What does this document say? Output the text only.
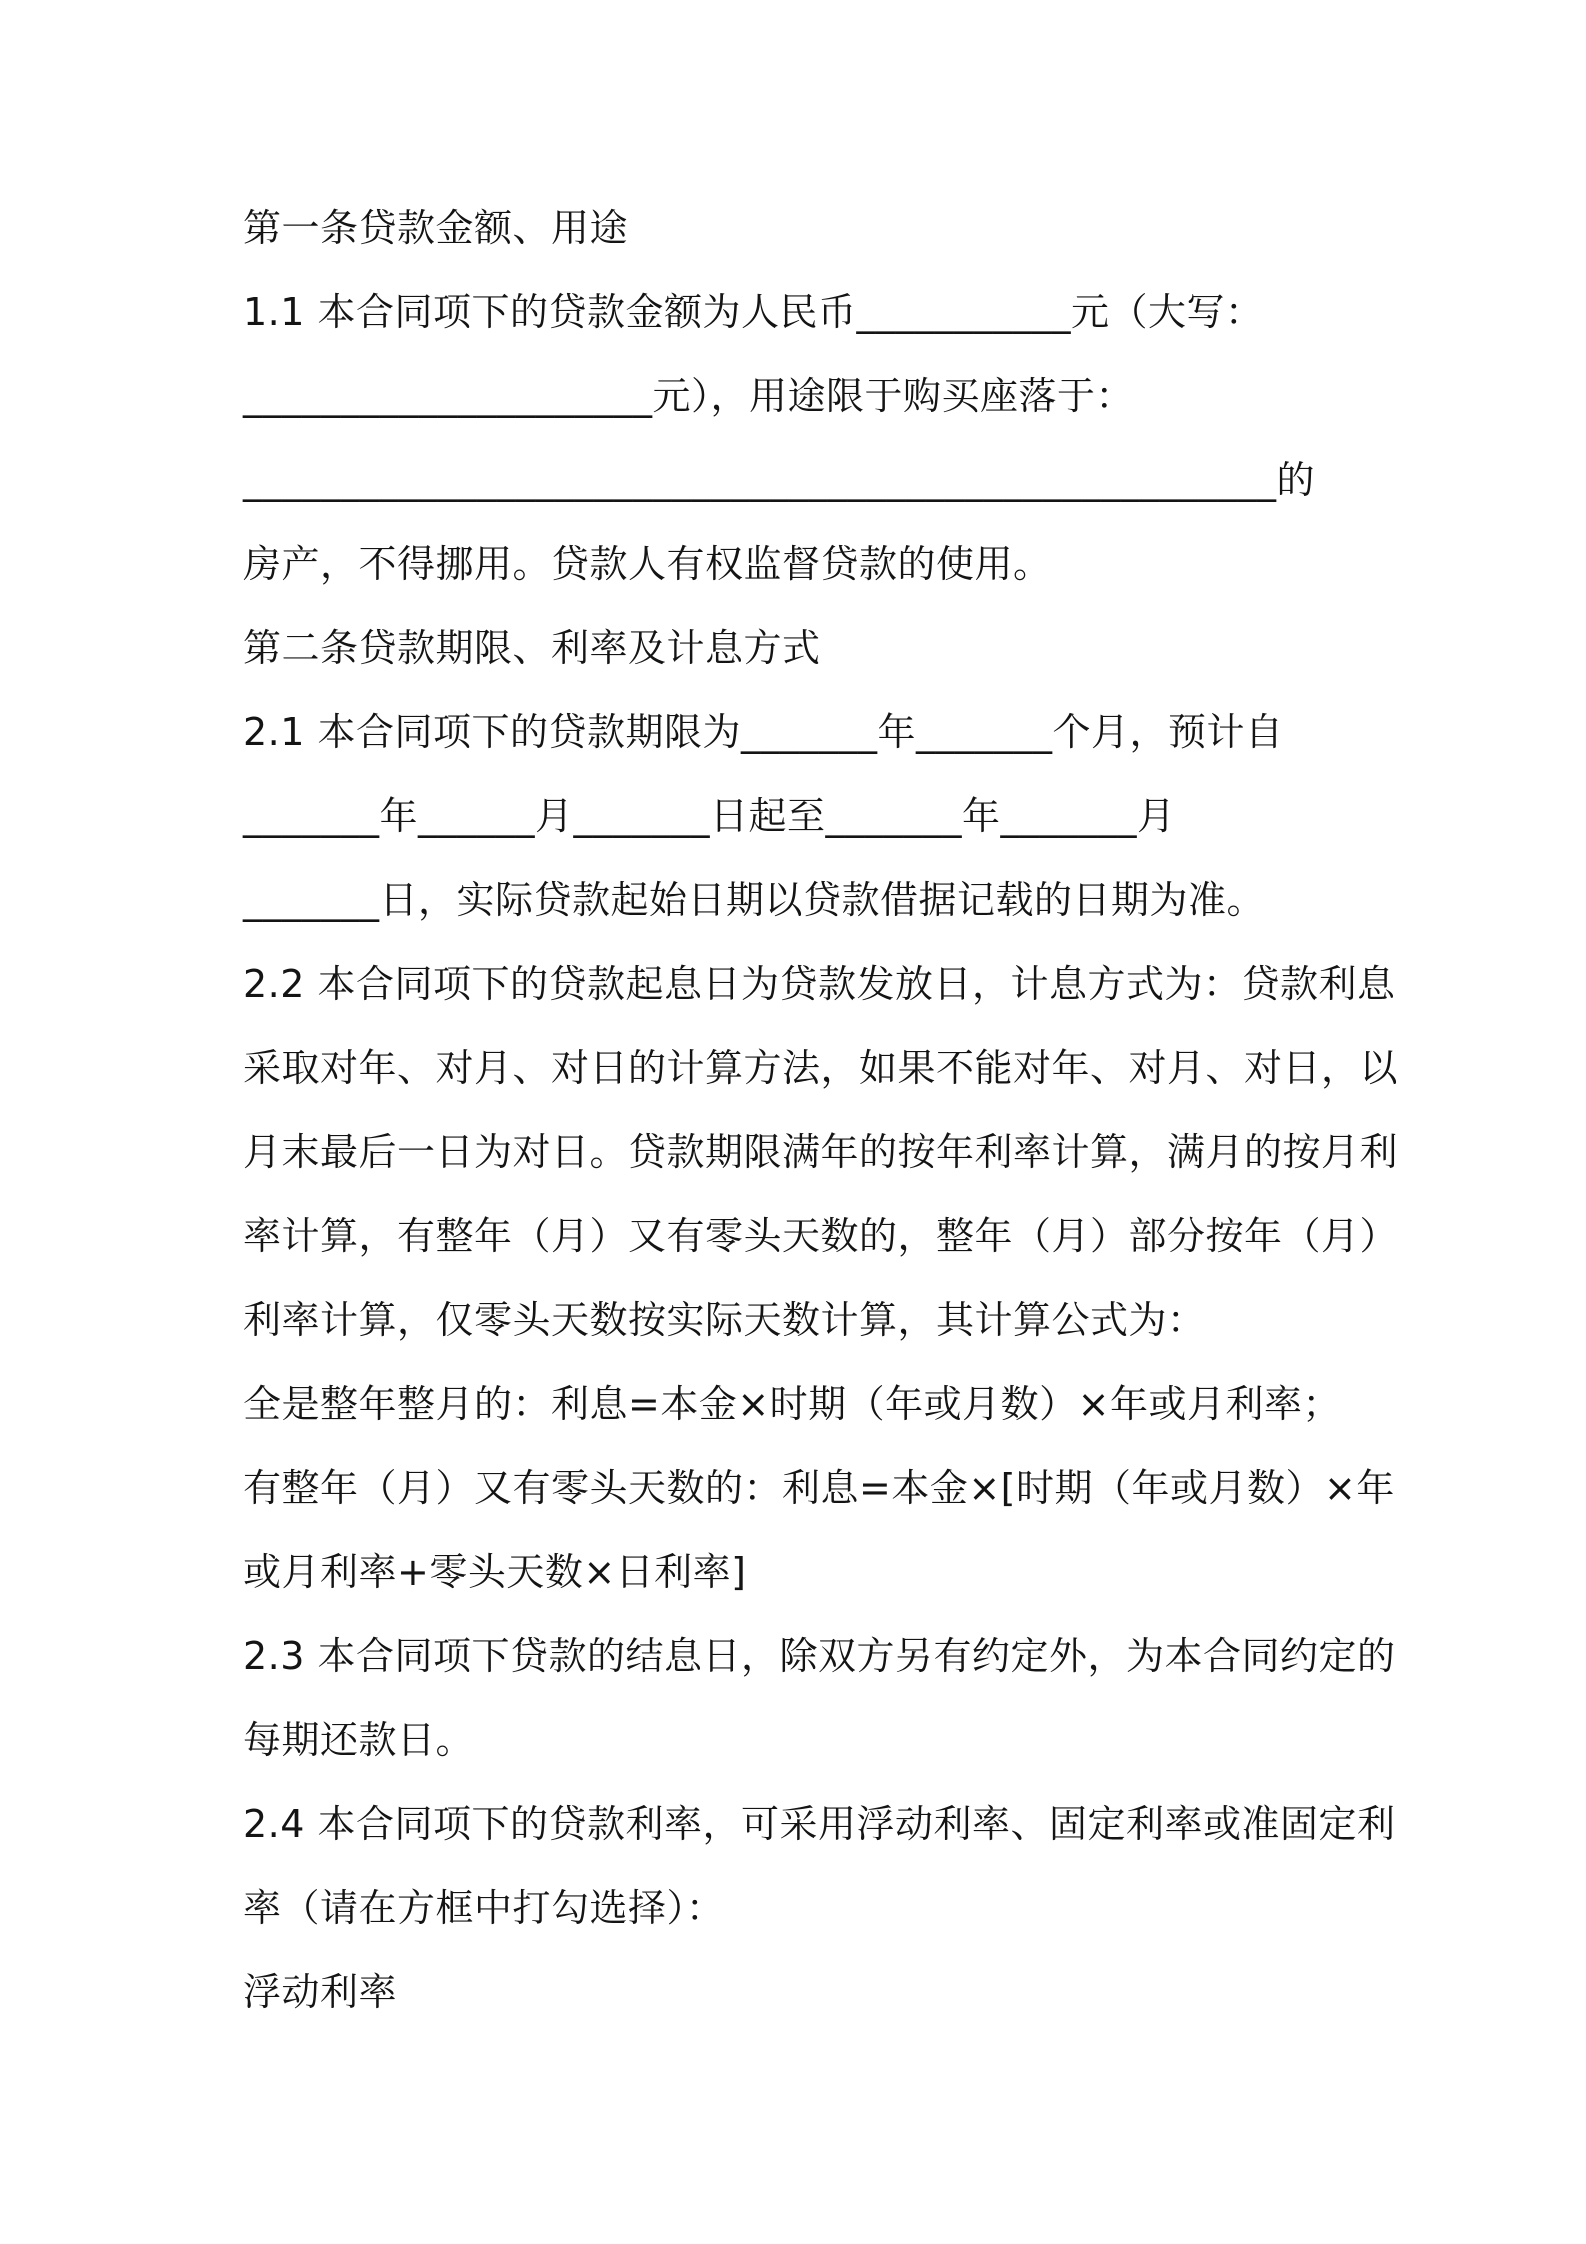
第一条贷款金额、用途
1.1 本合同项下的贷款金额为人民币___________元（大写：
_____________________元），用途限于购买座落于：
_____________________________________________________的
房产，不得挪用。贷款人有权监督贷款的使用。
第二条贷款期限、利率及计息方式
2.1 本合同项下的贷款期限为_______年_______个月，预计自
_______年______月_______日起至_______年_______月
_______日，实际贷款起始日期以贷款借据记载的日期为准。
2.2 本合同项下的贷款起息日为贷款发放日，计息方式为：贷款利息
采取对年、对月、对日的计算方法，如果不能对年、对月、对日，以
月末最后一日为对日。贷款期限满年的按年利率计算，满月的按月利
率计算，有整年（月）又有零头天数的，整年（月）部分按年（月）
利率计算，仅零头天数按实际天数计算，其计算公式为：
全是整年整月的：利息=本金×时期（年或月数）×年或月利率；
有整年（月）又有零头天数的：利息=本金×[时期（年或月数）×年
或月利率+零头天数×日利率]
2.3 本合同项下贷款的结息日，除双方另有约定外，为本合同约定的
每期还款日。
2.4 本合同项下的贷款利率，可采用浮动利率、固定利率或准固定利
率（请在方框中打勾选择）：
浮动利率
